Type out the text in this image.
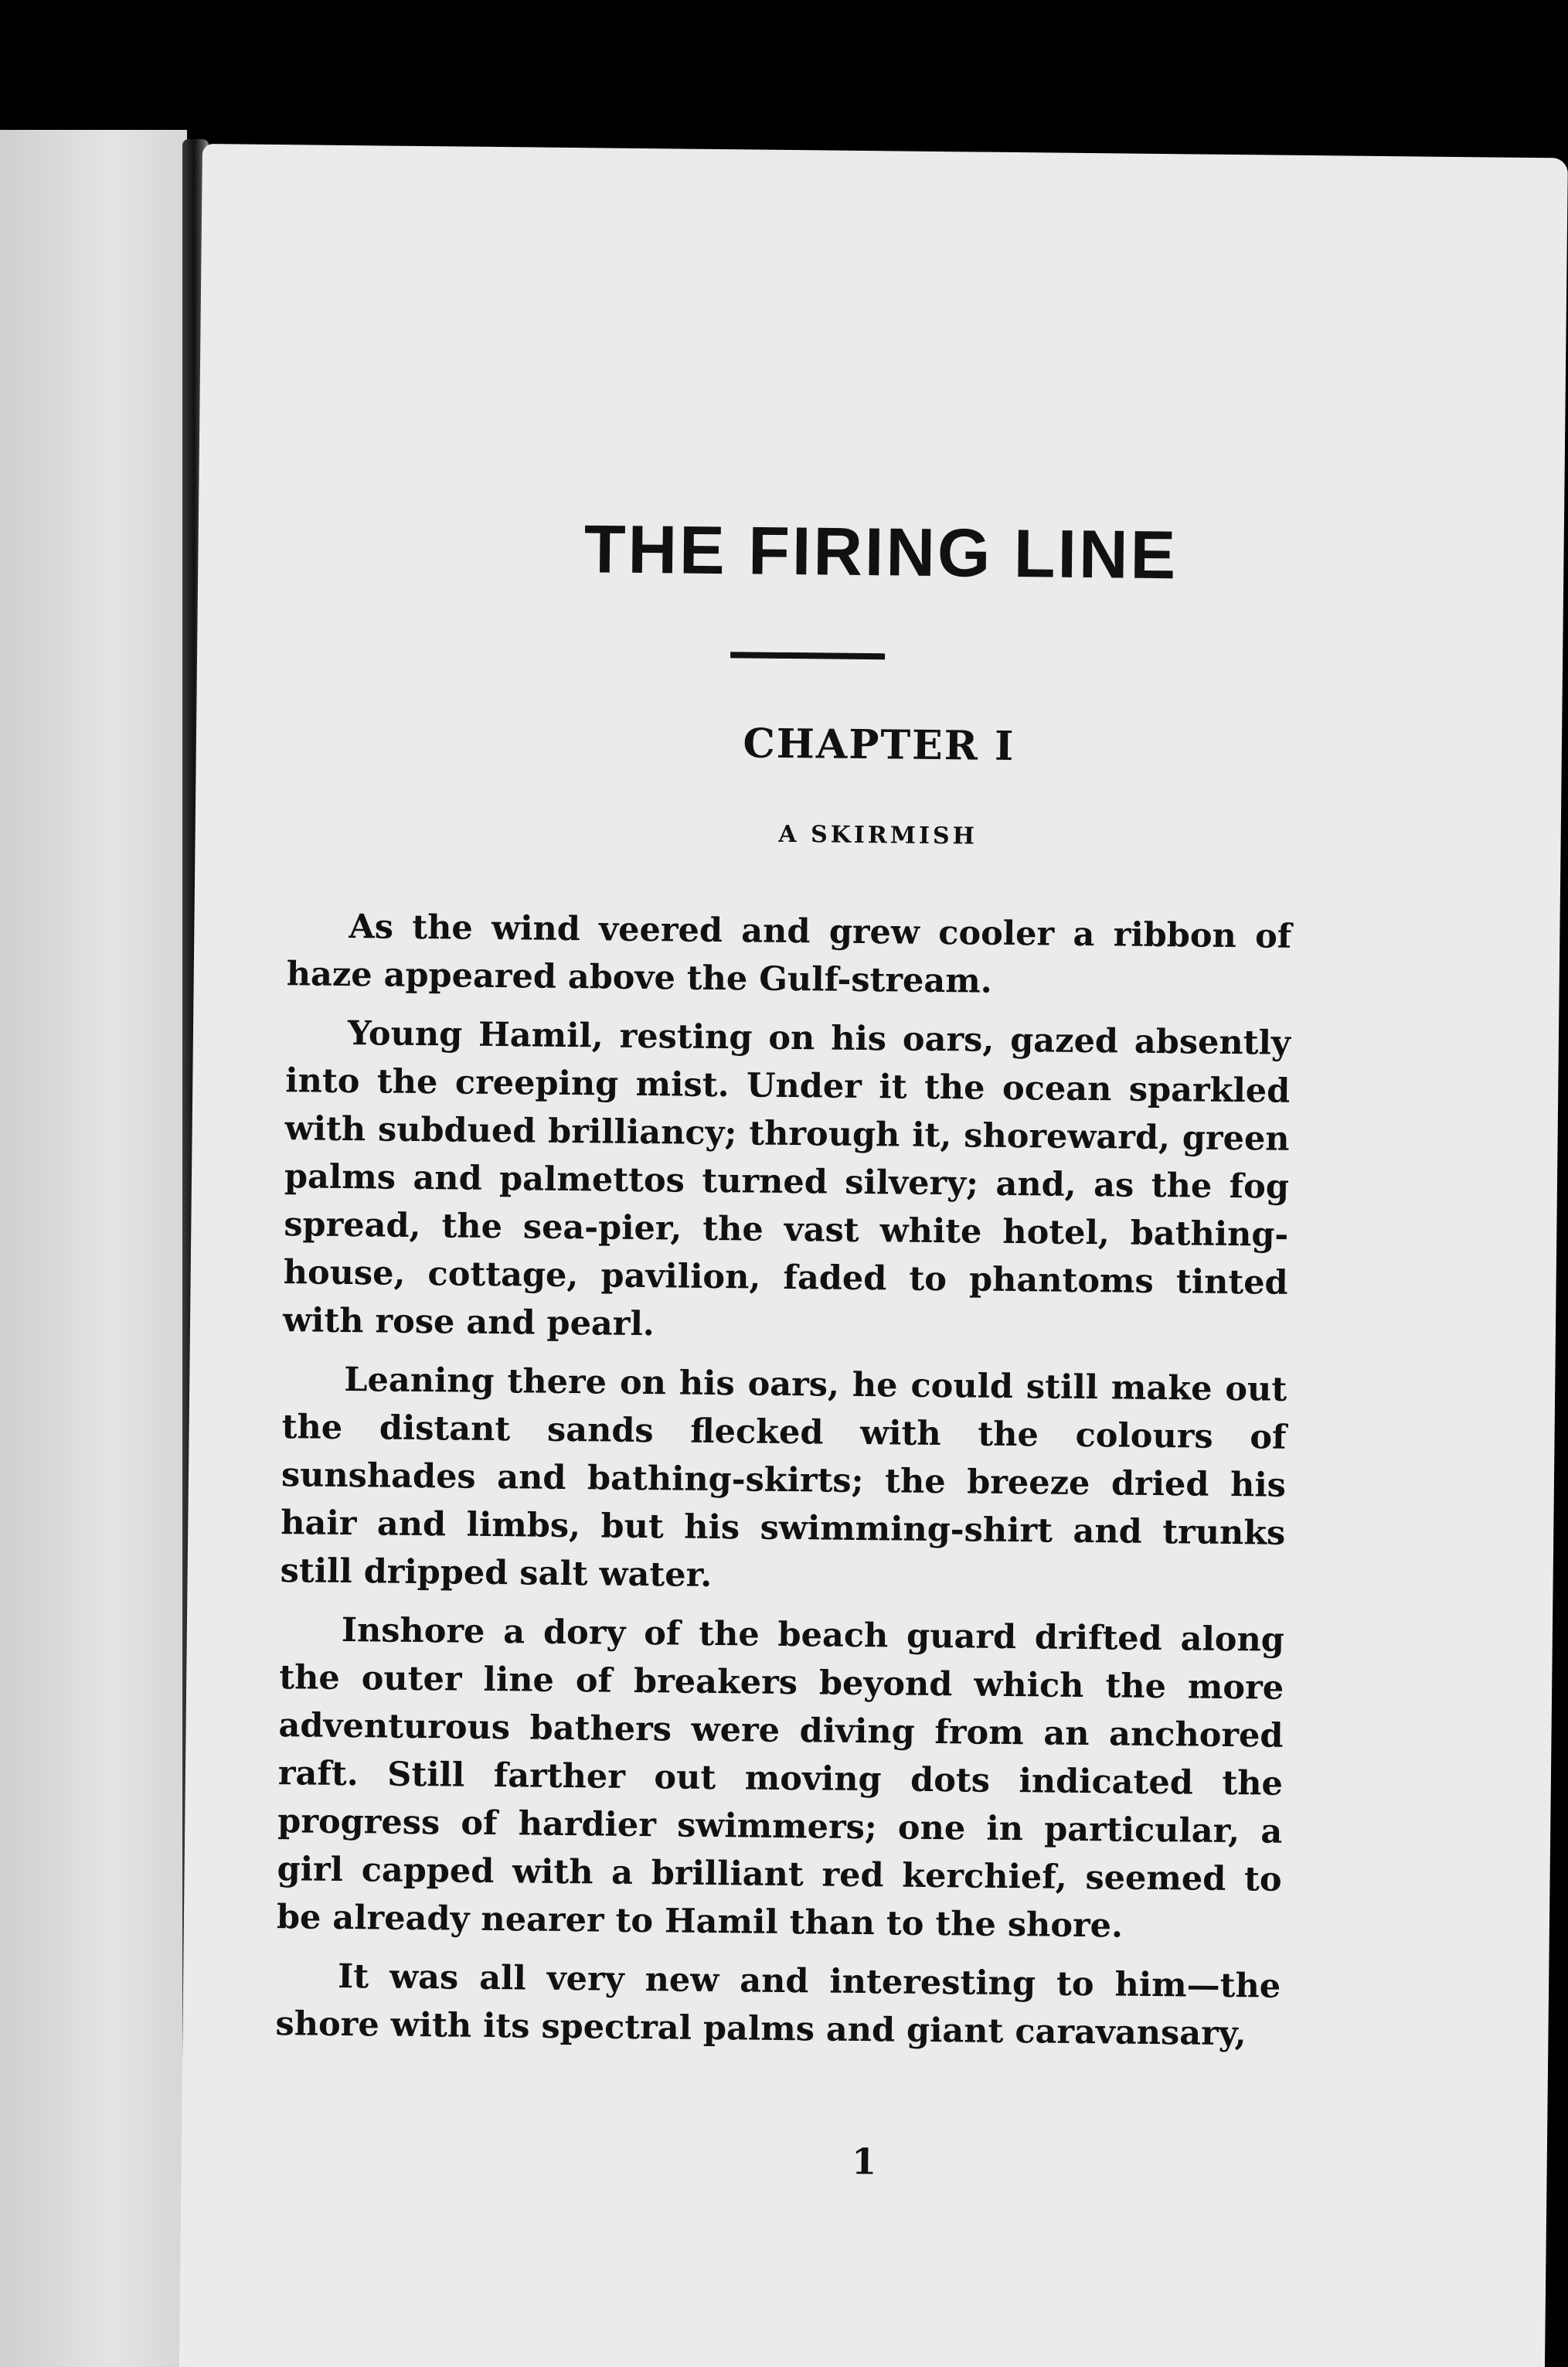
THE FIRING LINE
CHAPTER I
A SKIRMISH

As the wind veered and grew cooler a ribbon of haze appeared above the Gulf-stream.

Young Hamil, resting on his oars, gazed absently into the creeping mist. Under it the ocean sparkled with subdued brilliancy; through it, shoreward, green palms and palmettos turned silvery; and, as the fog spread, the sea-pier, the vast white hotel, bathing-house, cottage, pavilion, faded to phantoms tinted with rose and pearl.

Leaning there on his oars, he could still make out the distant sands flecked with the colours of sunshades and bathing-skirts; the breeze dried his hair and limbs, but his swimming-shirt and trunks still dripped salt water.

Inshore a dory of the beach guard drifted along the outer line of breakers beyond which the more adventurous bathers were diving from an anchored raft. Still farther out moving dots indicated the progress of hardier swimmers; one in particular, a girl capped with a brilliant red kerchief, seemed to be already nearer to Hamil than to the shore.

It was all very new and interesting to him—the shore with its spectral palms and giant caravansary,

1
